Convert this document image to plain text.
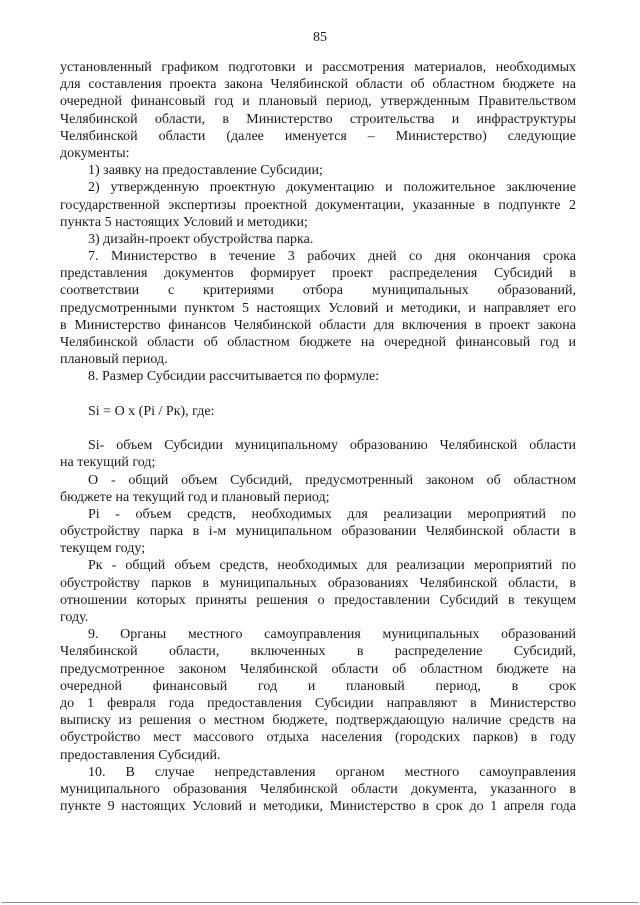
85
установленный графиком подготовки и рассмотрения материалов, необходимых
для составления проекта закона Челябинской области об областном бюджете на
очередной финансовый год и плановый период, утвержденным Правительством
Челябинской области, в Министерство строительства и инфраструктуры
Челябинской области (далее именуется – Министерство) следующие
документы:
1) заявку на предоставление Субсидии;
2) утвержденную проектную документацию и положительное заключение
государственной экспертизы проектной документации, указанные в подпункте 2
пункта 5 настоящих Условий и методики;
3) дизайн-проект обустройства парка.
7. Министерство в течение 3 рабочих дней со дня окончания срока
представления документов формирует проект распределения Субсидий в
соответствии с критериями отбора муниципальных образований,
предусмотренными пунктом 5 настоящих Условий и методики, и направляет его
в Министерство финансов Челябинской области для включения в проект закона
Челябинской области об областном бюджете на очередной финансовый год и
плановый период.
8. Размер Субсидии рассчитывается по формуле:
Si = O x (Pi / Pк), где:
Si- объем Субсидии муниципальному образованию Челябинской области
на текущий год;
О - общий объем Субсидий, предусмотренный законом об областном
бюджете на текущий год и плановый период;
Pi - объем средств, необходимых для реализации мероприятий по
обустройству парка в i-м муниципальном образовании Челябинской области в
текущем году;
Pк - общий объем средств, необходимых для реализации мероприятий по
обустройству парков в муниципальных образованиях Челябинской области, в
отношении которых приняты решения о предоставлении Субсидий в текущем
году.
9. Органы местного самоуправления муниципальных образований
Челябинской области, включенных в распределение Субсидий,
предусмотренное законом Челябинской области об областном бюджете на
очередной финансовый год и плановый период, в срок
до 1 февраля года предоставления Субсидии направляют в Министерство
выписку из решения о местном бюджете, подтверждающую наличие средств на
обустройство мест массового отдыха населения (городских парков) в году
предоставления Субсидий.
10. В случае непредставления органом местного самоуправления
муниципального образования Челябинской области документа, указанного в
пункте 9 настоящих Условий и методики, Министерство в срок до 1 апреля года
